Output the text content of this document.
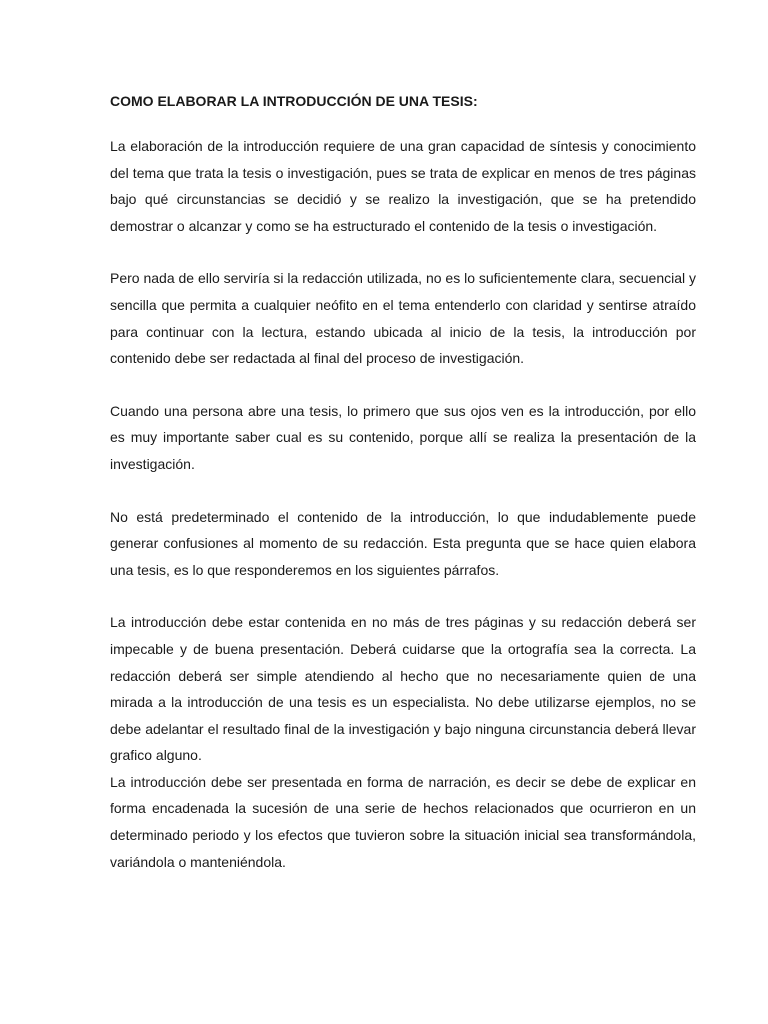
COMO ELABORAR LA INTRODUCCIÓN DE UNA TESIS:

La elaboración de la introducción requiere de una gran capacidad de síntesis y conocimiento del tema que trata la tesis o investigación, pues se trata de explicar en menos de tres páginas bajo qué circunstancias se decidió y se realizo la investigación, que se ha pretendido demostrar o alcanzar y como se ha estructurado el contenido de la tesis o investigación.

Pero nada de ello serviría si la redacción utilizada, no es lo suficientemente clara, secuencial y sencilla que permita a cualquier neófito en el tema entenderlo con claridad y sentirse atraído para continuar con la lectura, estando ubicada al inicio de la tesis, la introducción por contenido debe ser redactada al final del proceso de investigación.

Cuando una persona abre una tesis, lo primero que sus ojos ven es la introducción, por ello es muy importante saber cual es su contenido, porque allí se realiza la presentación de la investigación.

No está predeterminado el contenido de la introducción, lo que indudablemente puede generar confusiones al momento de su redacción. Esta pregunta que se hace quien elabora una tesis, es lo que responderemos en los siguientes párrafos.

La introducción debe estar contenida en no más de tres páginas y su redacción deberá ser impecable y de buena presentación. Deberá cuidarse que la ortografía sea la correcta. La redacción deberá ser simple atendiendo al hecho que no necesariamente quien de una mirada a la introducción de una tesis es un especialista. No debe utilizarse ejemplos, no se debe adelantar el resultado final de la investigación y bajo ninguna circunstancia deberá llevar grafico alguno.

La introducción debe ser presentada en forma de narración, es decir se debe de explicar en forma encadenada la sucesión de una serie de hechos relacionados que ocurrieron en un determinado periodo y los efectos que tuvieron sobre la situación inicial sea transformándola, variándola o manteniéndola.
